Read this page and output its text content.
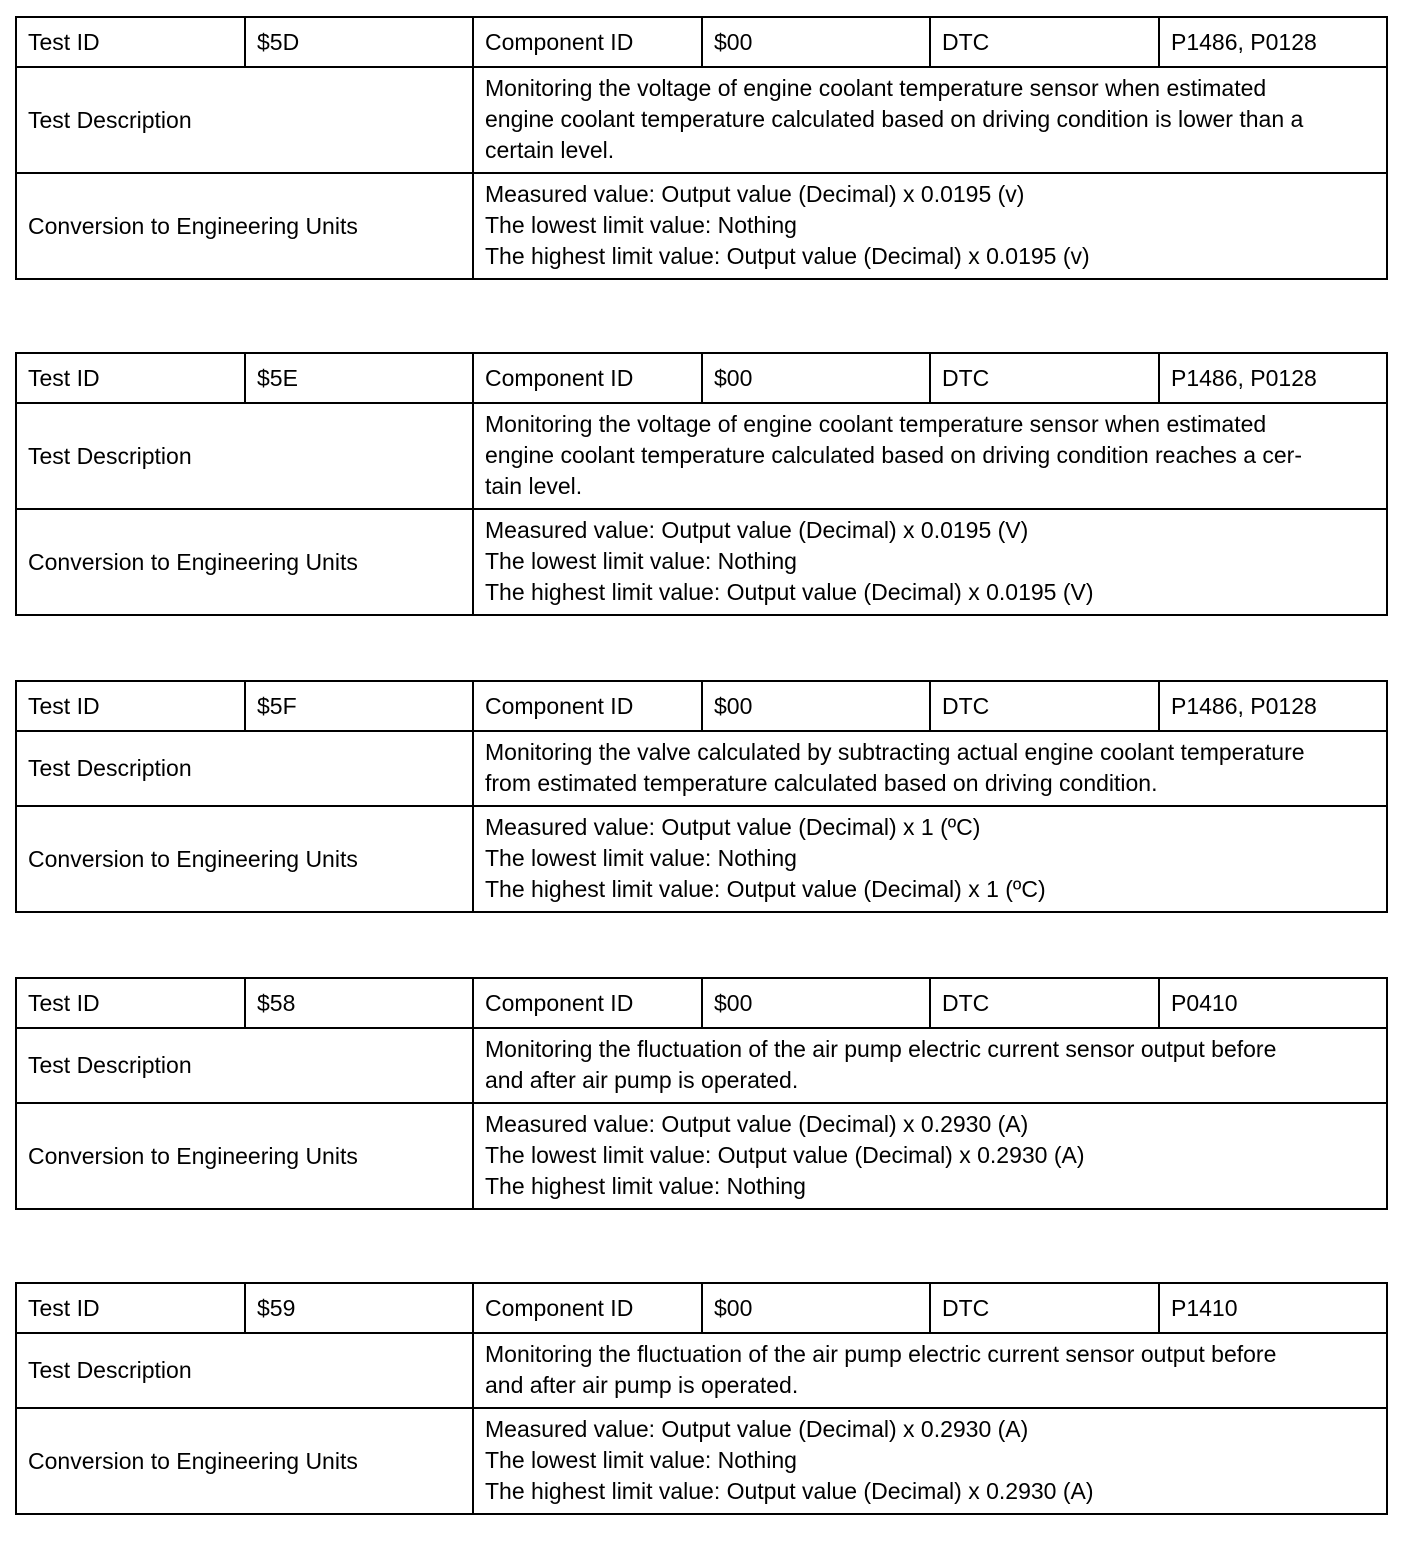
Test ID	$5D	Component ID	$00	DTC	P1486, P0128
Test Description		Monitoring the voltage of engine coolant temperature sensor when estimated
engine coolant temperature calculated based on driving condition is lower than a
certain level.			

Conversion to Engineering Units		Measured value: Output value (Decimal) x 0.0195 (v)
The lowest limit value: Nothing
The highest limit value: Output value (Decimal) x 0.0195 (v)			
Test ID	$5E	Component ID	$00	DTC	P1486, P0128
Test Description		Monitoring the voltage of engine coolant temperature sensor when estimated
engine coolant temperature calculated based on driving condition reaches a cer-
tain level.			

Conversion to Engineering Units		Measured value: Output value (Decimal) x 0.0195 (V)
The lowest limit value: Nothing
The highest limit value: Output value (Decimal) x 0.0195 (V)			
Test ID	$5F	Component ID	$00	DTC	P1486, P0128
Test Description		Monitoring the valve calculated by subtracting actual engine coolant temperature
from estimated temperature calculated based on driving condition.			

Conversion to Engineering Units		Measured value: Output value (Decimal) x 1 (ºC)
The lowest limit value: Nothing
The highest limit value: Output value (Decimal) x 1 (ºC)			
Test ID	$58	Component ID	$00	DTC	P0410
Test Description		Monitoring the fluctuation of the air pump electric current sensor output before
and after air pump is operated.			

Conversion to Engineering Units		Measured value: Output value (Decimal) x 0.2930 (A)
The lowest limit value: Output value (Decimal) x 0.2930 (A)
The highest limit value: Nothing			
Test ID	$59	Component ID	$00	DTC	P1410
Test Description		Monitoring the fluctuation of the air pump electric current sensor output before
and after air pump is operated.			

Conversion to Engineering Units		Measured value: Output value (Decimal) x 0.2930 (A)
The lowest limit value: Nothing
The highest limit value: Output value (Decimal) x 0.2930 (A)			
